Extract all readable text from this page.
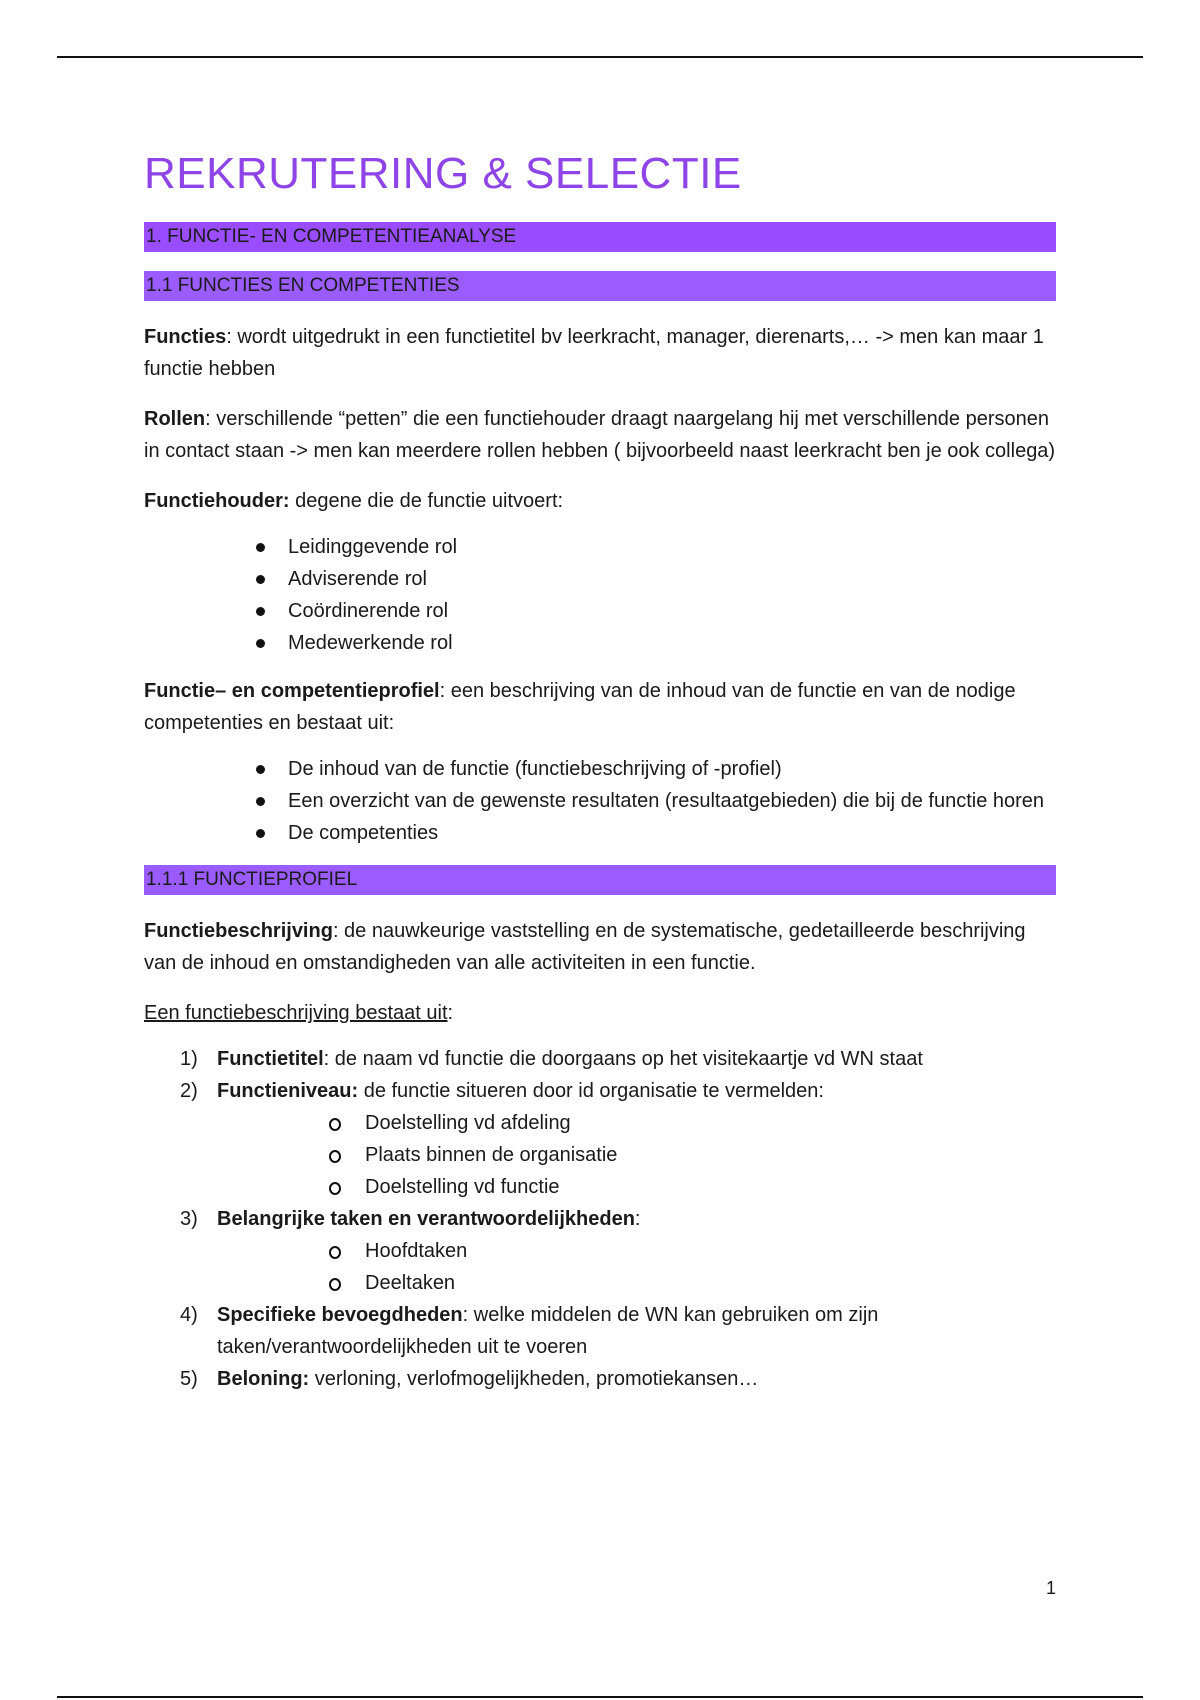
REKRUTERING & SELECTIE
1. FUNCTIE- EN COMPETENTIEANALYSE
1.1 FUNCTIES EN COMPETENTIES

Functies: wordt uitgedrukt in een functietitel bv leerkracht, manager, dierenarts,… -> men kan maar 1 functie hebben

Rollen: verschillende “petten” die een functiehouder draagt naargelang hij met verschillende personen in contact staan -> men kan meerdere rollen hebben ( bijvoorbeeld naast leerkracht ben je ook collega)

Functiehouder: degene die de functie uitvoert:

Leidinggevende rol
Adviserende rol
Coördinerende rol
Medewerkende rol

Functie– en competentieprofiel: een beschrijving van de inhoud van de functie en van de nodige competenties en bestaat uit:

De inhoud van de functie (functiebeschrijving of -profiel)
Een overzicht van de gewenste resultaten (resultaatgebieden) die bij de functie horen
De competenties
1.1.1 FUNCTIEPROFIEL

Functiebeschrijving: de nauwkeurige vaststelling en de systematische, gedetailleerde beschrijving van de inhoud en omstandigheden van alle activiteiten in een functie.

Een functiebeschrijving bestaat uit:

1) Functietitel: de naam vd functie die doorgaans op het visitekaartje vd WN staat
2) Functieniveau: de functie situeren door id organisatie te vermelden:
Doelstelling vd afdeling
Plaats binnen de organisatie
Doelstelling vd functie
3) Belangrijke taken en verantwoordelijkheden:
Hoofdtaken
Deeltaken
4) Specifieke bevoegdheden: welke middelen de WN kan gebruiken om zijn taken/verantwoordelijkheden uit te voeren
5) Beloning: verloning, verlofmogelijkheden, promotiekansen…
1
